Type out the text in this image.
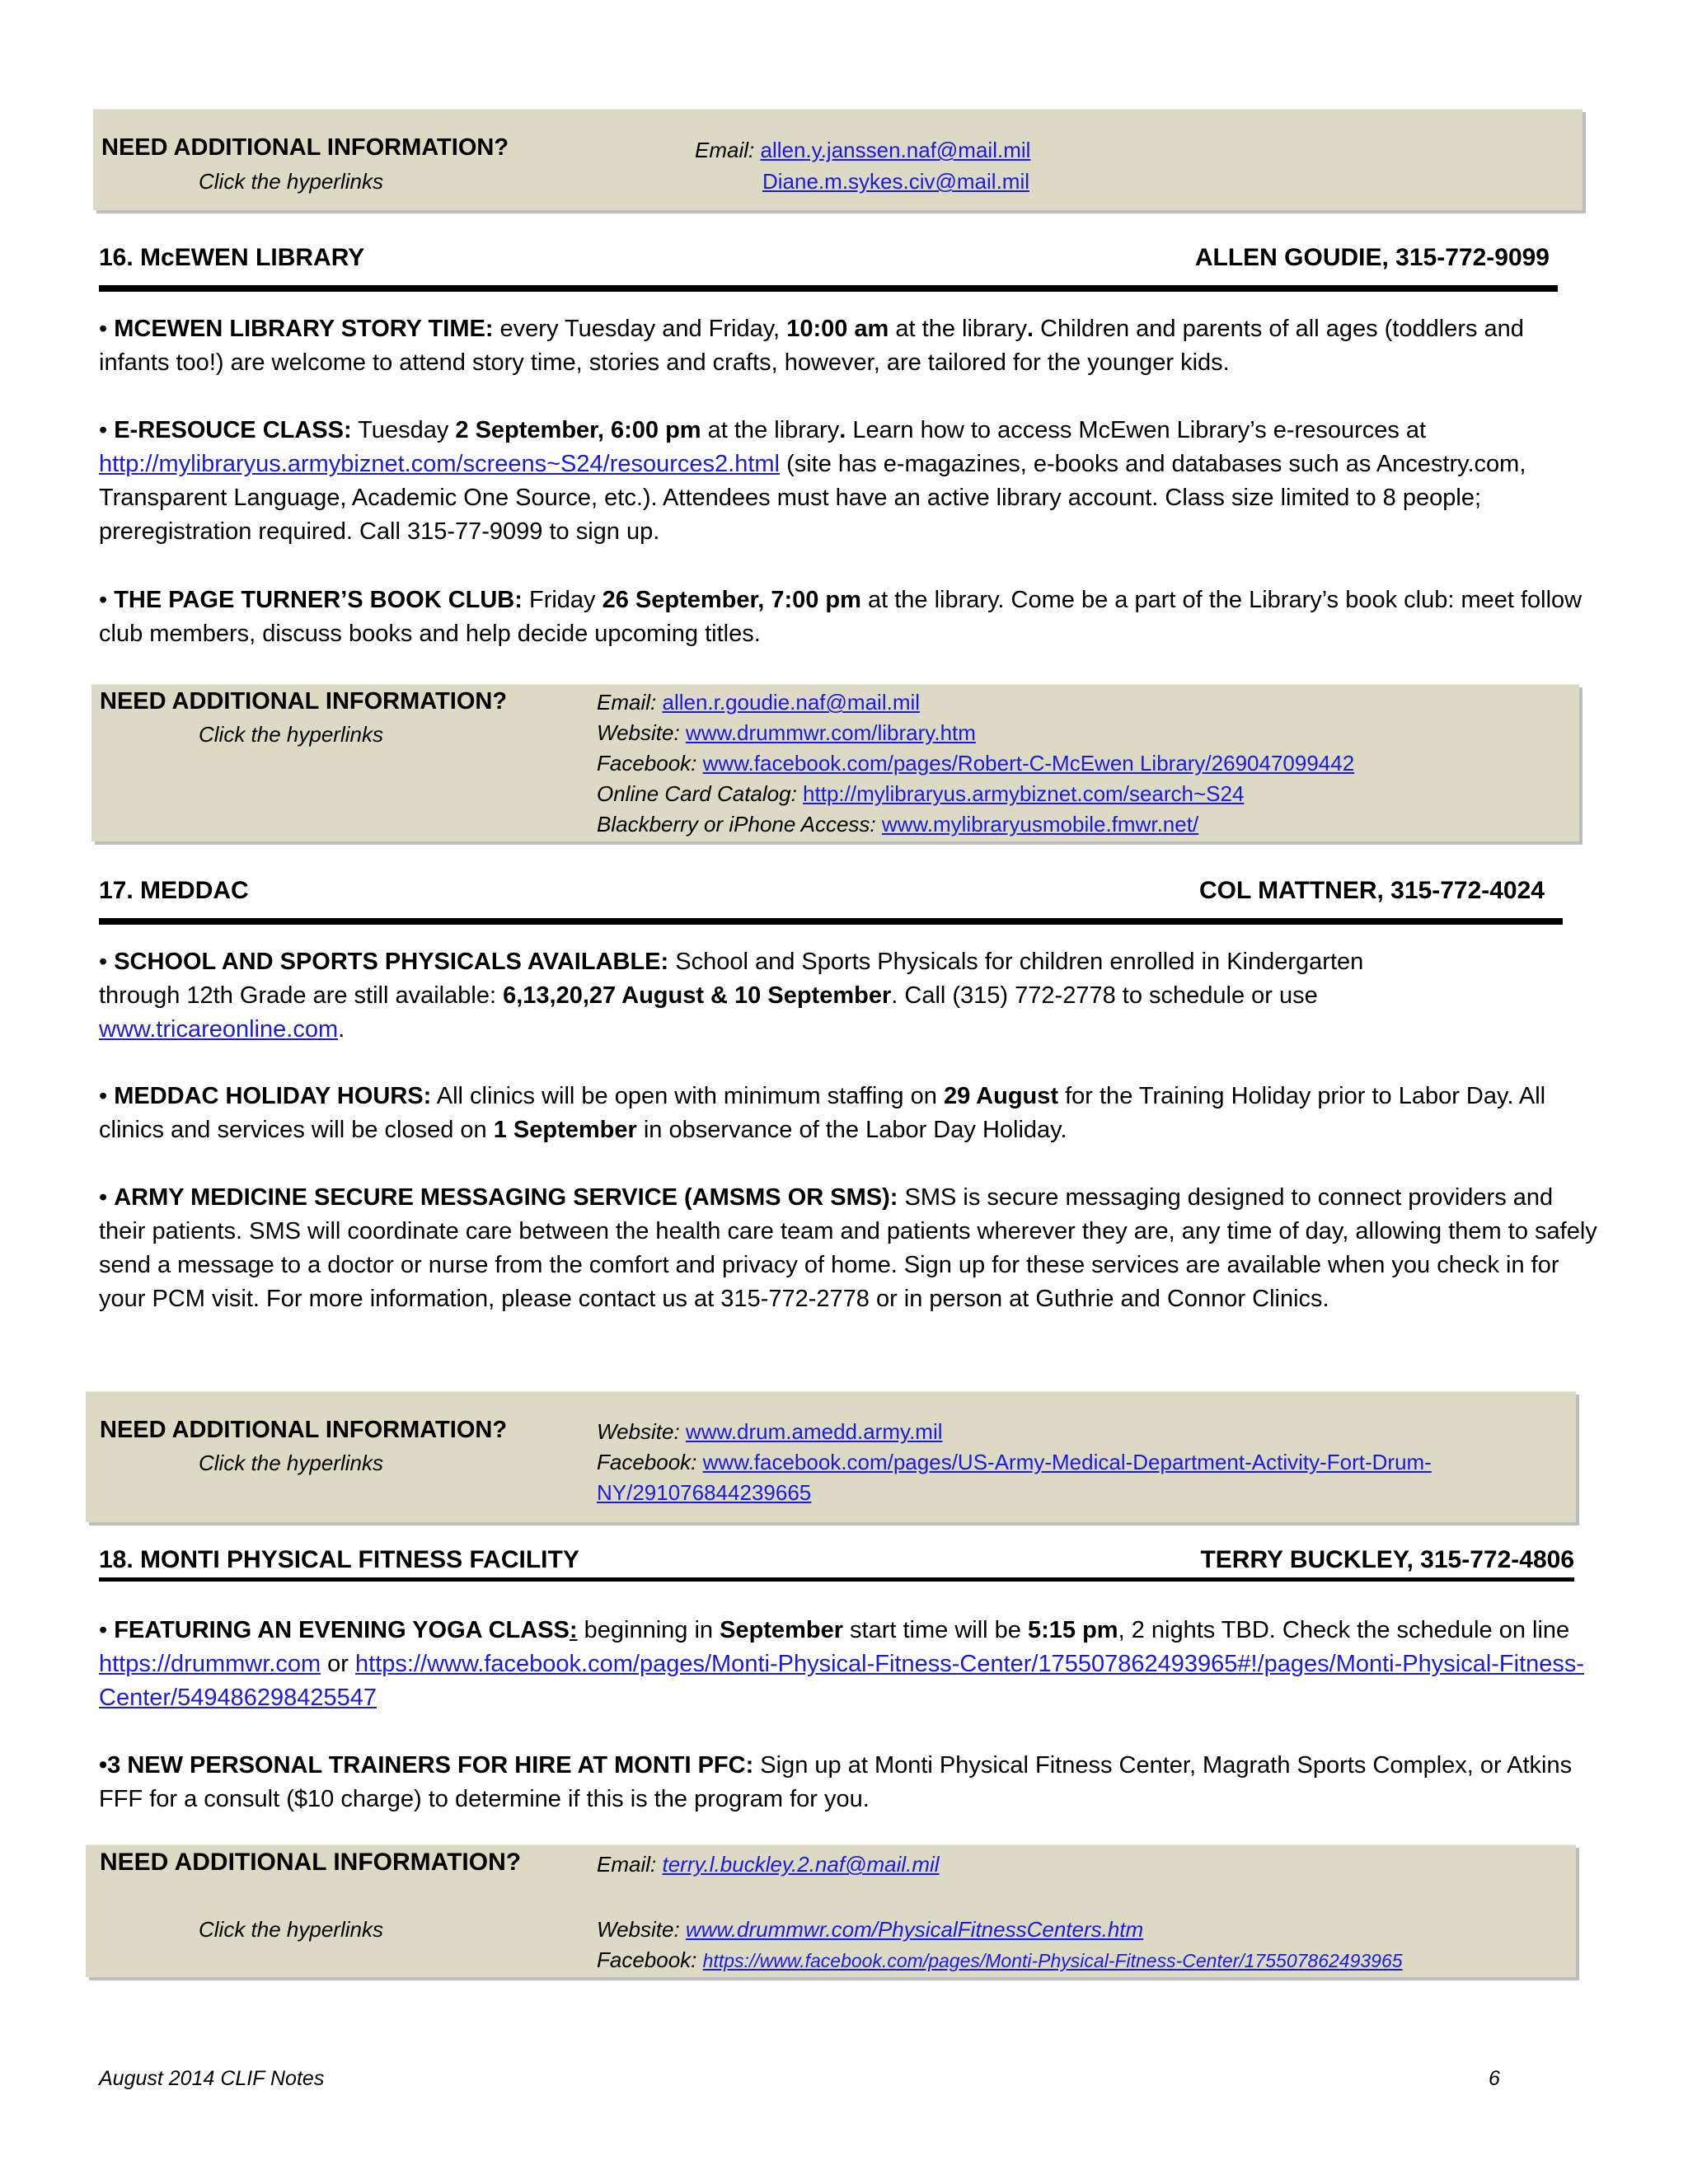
NEED ADDITIONAL INFORMATION?
Click the hyperlinks
Email: allen.y.janssen.naf@mail.mil
Diane.m.sykes.civ@mail.mil
16. McEWEN LIBRARY	ALLEN GOUDIE, 315-772-9099
• MCEWEN LIBRARY STORY TIME: every Tuesday and Friday, 10:00 am at the library. Children and parents of all ages (toddlers and infants too!) are welcome to attend story time, stories and crafts, however, are tailored for the younger kids.
• E-RESOUCE CLASS: Tuesday 2 September, 6:00 pm at the library. Learn how to access McEwen Library’s e-resources at
http://mylibraryus.armybiznet.com/screens~S24/resources2.html (site has e-magazines, e-books and databases such as Ancestry.com, Transparent Language, Academic One Source, etc.). Attendees must have an active library account. Class size limited to 8 people; preregistration required. Call 315-77-9099 to sign up.
• THE PAGE TURNER’S BOOK CLUB: Friday 26 September, 7:00 pm at the library. Come be a part of the Library’s book club: meet follow club members, discuss books and help decide upcoming titles.
NEED ADDITIONAL INFORMATION?
Click the hyperlinks
Email: allen.r.goudie.naf@mail.mil
Website: www.drummwr.com/library.htm
Facebook: www.facebook.com/pages/Robert-C-McEwen Library/269047099442
Online Card Catalog: http://mylibraryus.armybiznet.com/search~S24
Blackberry or iPhone Access: www.mylibraryusmobile.fmwr.net/
17. MEDDAC	COL MATTNER, 315-772-4024
• SCHOOL AND SPORTS PHYSICALS AVAILABLE: School and Sports Physicals for children enrolled in Kindergarten
through 12th Grade are still available: 6,13,20,27 August & 10 September. Call (315) 772-2778 to schedule or use
www.tricareonline.com.
• MEDDAC HOLIDAY HOURS: All clinics will be open with minimum staffing on 29 August for the Training Holiday prior to Labor Day. All clinics and services will be closed on 1 September in observance of the Labor Day Holiday.
• ARMY MEDICINE SECURE MESSAGING SERVICE (AMSMS OR SMS): SMS is secure messaging designed to connect providers and their patients. SMS will coordinate care between the health care team and patients wherever they are, any time of day, allowing them to safely send a message to a doctor or nurse from the comfort and privacy of home. Sign up for these services are available when you check in for your PCM visit. For more information, please contact us at 315-772-2778 or in person at Guthrie and Connor Clinics.
NEED ADDITIONAL INFORMATION?
Click the hyperlinks
Website: www.drum.amedd.army.mil
Facebook: www.facebook.com/pages/US-Army-Medical-Department-Activity-Fort-Drum-
NY/291076844239665
18. MONTI PHYSICAL FITNESS FACILITY	TERRY BUCKLEY, 315-772-4806
• FEATURING AN EVENING YOGA CLASS: beginning in September start time will be 5:15 pm, 2 nights TBD. Check the schedule on line https://drummwr.com or https://www.facebook.com/pages/Monti-Physical-Fitness-Center/175507862493965#!/pages/Monti-Physical-Fitness-Center/549486298425547
•3 NEW PERSONAL TRAINERS FOR HIRE AT MONTI PFC: Sign up at Monti Physical Fitness Center, Magrath Sports Complex, or Atkins FFF for a consult ($10 charge) to determine if this is the program for you.
NEED ADDITIONAL INFORMATION?
Click the hyperlinks
Email: terry.l.buckley.2.naf@mail.mil
Website: www.drummwr.com/PhysicalFitnessCenters.htm
Facebook: https://www.facebook.com/pages/Monti-Physical-Fitness-Center/175507862493965
August 2014 CLIF Notes	6
